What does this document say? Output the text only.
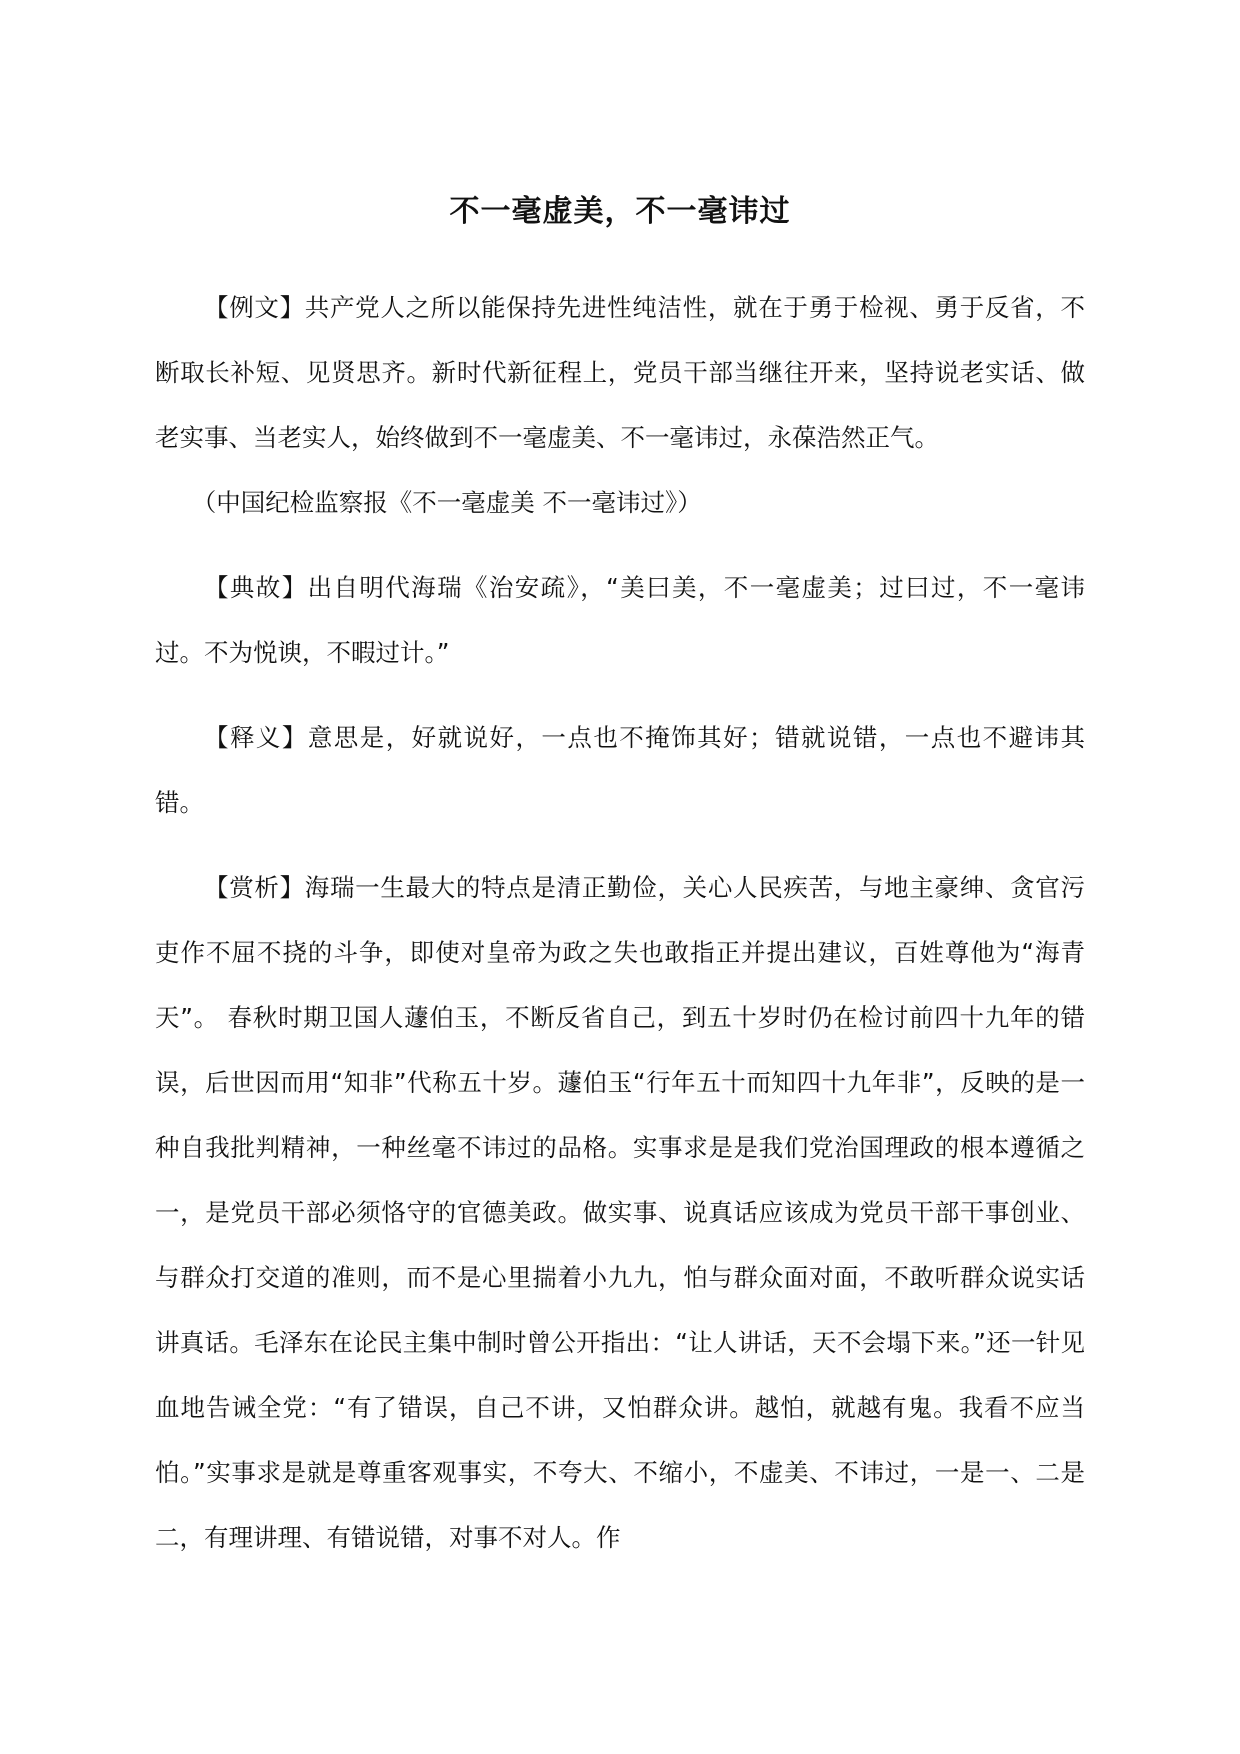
不一毫虚美，不一毫讳过

【例文】共产党人之所以能保持先进性纯洁性，就在于勇于检视、勇于反省，不断取长补短、见贤思齐。新时代新征程上，党员干部当继往开来，坚持说老实话、做老实事、当老实人，始终做到不一毫虚美、不一毫讳过，永葆浩然正气。
（中国纪检监察报《不一毫虚美 不一毫讳过》）

【典故】出自明代海瑞《治安疏》，“美曰美，不一毫虚美；过曰过，不一毫讳过。不为悦谀，不暇过计。”

【释义】意思是，好就说好，一点也不掩饰其好；错就说错，一点也不避讳其错。

【赏析】海瑞一生最大的特点是清正勤俭，关心人民疾苦，与地主豪绅、贪官污吏作不屈不挠的斗争，即使对皇帝为政之失也敢指正并提出建议，百姓尊他为“海青天”。 春秋时期卫国人蘧伯玉，不断反省自己，到五十岁时仍在检讨前四十九年的错误，后世因而用“知非”代称五十岁。蘧伯玉“行年五十而知四十九年非”，反映的是一种自我批判精神，一种丝毫不讳过的品格。实事求是是我们党治国理政的根本遵循之一，是党员干部必须恪守的官德美政。做实事、说真话应该成为党员干部干事创业、与群众打交道的准则，而不是心里揣着小九九，怕与群众面对面，不敢听群众说实话讲真话。毛泽东在论民主集中制时曾公开指出：“让人讲话，天不会塌下来。”还一针见血地告诫全党：“有了错误，自己不讲，又怕群众讲。越怕，就越有鬼。我看不应当怕。”实事求是就是尊重客观事实，不夸大、不缩小，不虚美、不讳过，一是一、二是二，有理讲理、有错说错，对事不对人。作
